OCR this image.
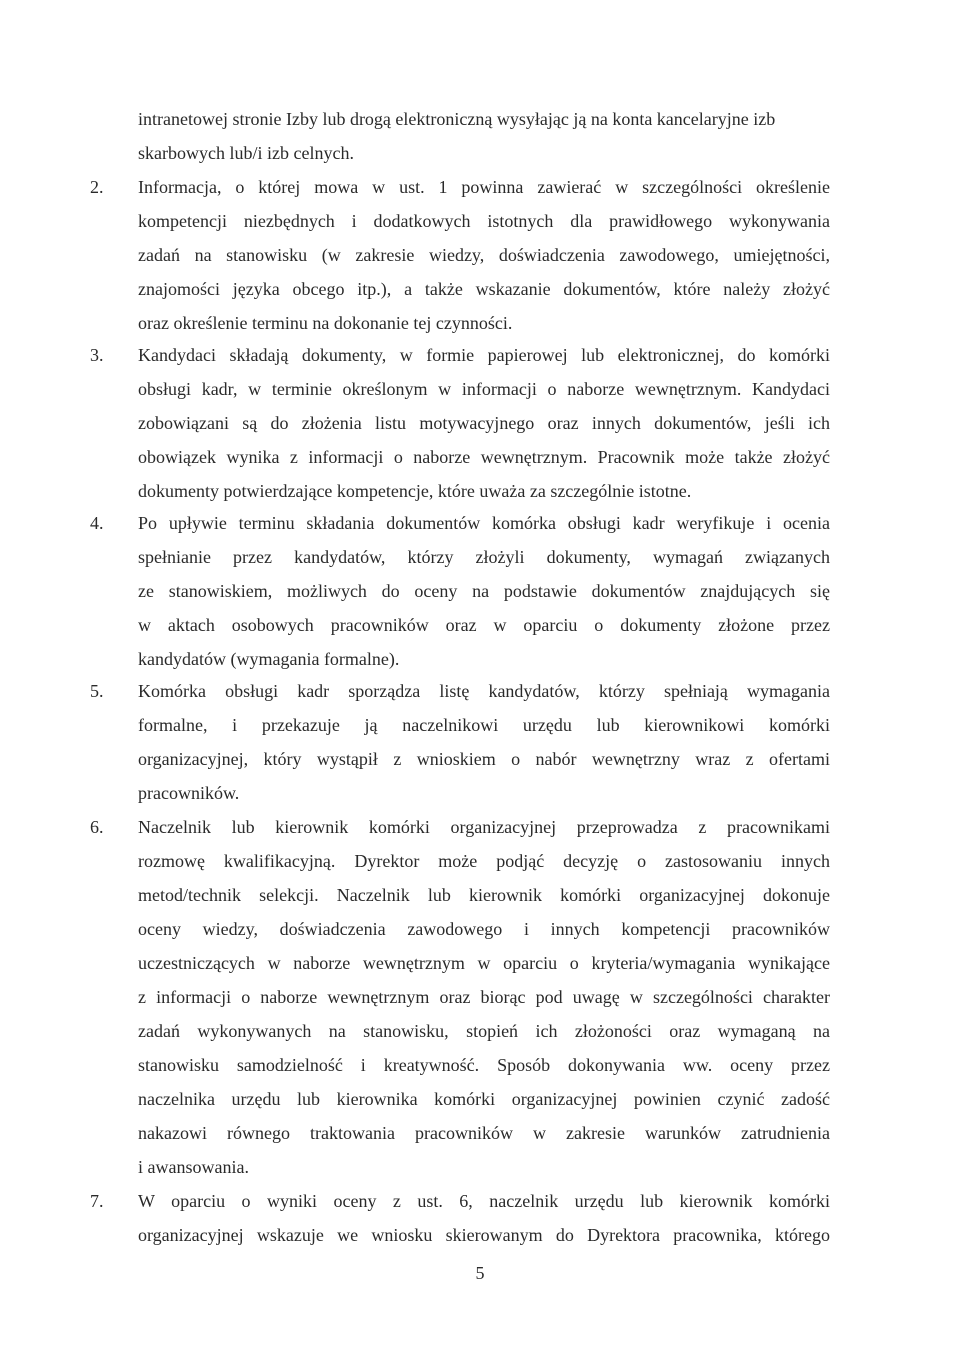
intranetowej stronie Izby lub drogą elektroniczną wysyłając ją na konta kancelaryjne izb
skarbowych lub/i izb celnych.
2.	Informacja, o której mowa w ust. 1 powinna zawierać w szczególności określenie
kompetencji niezbędnych i dodatkowych istotnych dla prawidłowego wykonywania
zadań na stanowisku (w zakresie wiedzy, doświadczenia zawodowego, umiejętności,
znajomości języka obcego itp.), a także wskazanie dokumentów, które należy złożyć
oraz określenie terminu na dokonanie tej czynności.
3.	Kandydaci składają dokumenty, w formie papierowej lub elektronicznej, do komórki
obsługi kadr, w terminie określonym w informacji o naborze wewnętrznym. Kandydaci
zobowiązani są do złożenia listu motywacyjnego oraz innych dokumentów, jeśli ich
obowiązek wynika z informacji o naborze wewnętrznym. Pracownik może także złożyć
dokumenty potwierdzające kompetencje, które uważa za szczególnie istotne.
4.	Po upływie terminu składania dokumentów komórka obsługi kadr weryfikuje i ocenia
spełnianie przez kandydatów, którzy złożyli dokumenty, wymagań związanych
ze stanowiskiem, możliwych do oceny na podstawie dokumentów znajdujących się
w aktach osobowych pracowników oraz w oparciu o dokumenty złożone przez
kandydatów (wymagania formalne).
5.	Komórka obsługi kadr sporządza listę kandydatów, którzy spełniają wymagania
formalne, i przekazuje ją naczelnikowi urzędu lub kierownikowi komórki
organizacyjnej, który wystąpił z wnioskiem o nabór wewnętrzny wraz z ofertami
pracowników.
6.	Naczelnik lub kierownik komórki organizacyjnej przeprowadza z pracownikami
rozmowę kwalifikacyjną. Dyrektor może podjąć decyzję o zastosowaniu innych
metod/technik selekcji. Naczelnik lub kierownik komórki organizacyjnej dokonuje
oceny wiedzy, doświadczenia zawodowego i innych kompetencji pracowników
uczestniczących w naborze wewnętrznym w oparciu o kryteria/wymagania wynikające
z informacji o naborze wewnętrznym oraz biorąc pod uwagę w szczególności charakter
zadań wykonywanych na stanowisku, stopień ich złożoności oraz wymaganą na
stanowisku samodzielność i kreatywność. Sposób dokonywania ww. oceny przez
naczelnika urzędu lub kierownika komórki organizacyjnej powinien czynić zadość
nakazowi równego traktowania pracowników w zakresie warunków zatrudnienia
i awansowania.
7.	W oparciu o wyniki oceny z ust. 6, naczelnik urzędu lub kierownik komórki
organizacyjnej wskazuje we wniosku skierowanym do Dyrektora pracownika, którego
5
